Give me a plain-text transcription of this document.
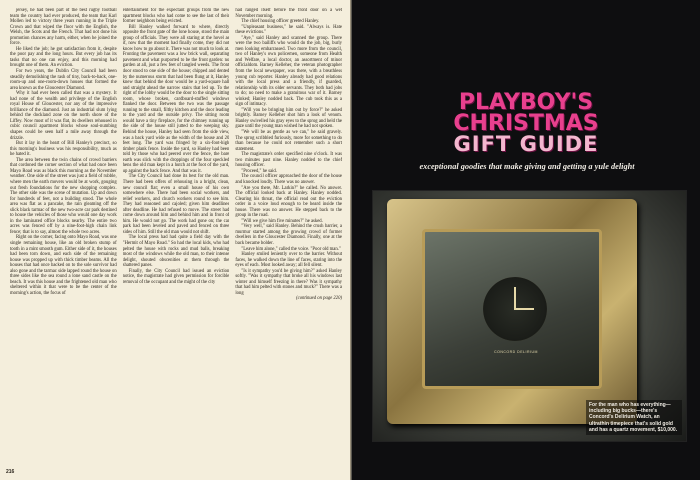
jersey, he had been part of the best rugby football team the country had ever produced, the team that Karl Mollen led to victory three years running in the Triple Crown and that wiped the floor with the English, the Welsh, the Scots and the French. That had not done his promotion chances any harm, either, when he joined the force.

He liked the job; he got satisfaction from it, despite the poor pay and the long hours. But every job has its tasks that no one can enjoy, and this morning had brought one of them. An eviction.

For two years, the Dublin City Council had been steadily demolishing the rash of tiny, back-to-back, one-room-up and one-room-down houses that formed the area known as the Gloucester Diamond.

Why it had ever been called that was a mystery. It had none of the wealth and privilege of the English royal House of Gloucester, nor any of the impressive brilliance of the diamond. Just an industrial slum lying behind the dockland zone on the north shore of the Liffey. Now most of it was flat, its dwellers rehoused in cubic council apartment blocks whose soul-numbing shapes could be seen half a mile away through the drizzle.

But it lay in the heart of Bill Hanley's precinct, so this morning's business was his responsibility, much as he hated it.

The area between the twin chains of crowd barriers that cordoned the corner section of what had once been Mayo Road was as black this morning as the November weather. One side of the street was just a field of rubble, where men the earth movers would be at work, gouging out fresh foundations for the new shopping complex. The other side was the scene of mutation. Up and down for hundreds of feet, not a building stood. The whole area was flat as a pancake, the rain gleaming off the slick black tarmac of the new two-acre car park destined to house the vehicles of those who would one day work in the laminated office blocks nearby. The entire two acres was fenced off by a nine-foot-high chain link fence; that is to say, almost the whole two acres.

Right on the corner, facing onto Mayo Road, was one single remaining house, like an old broken stump of tooth in a mint smooth gum. Either side of it, the houses had been torn down, and each side of the remaining house was propped up with thick timber beams. All the houses that had once backed on to the sole survivor had also gone and the tarmac side lapped round the house on three sides like the sea round a lone sand castle on the beach. It was this house and the frightened old man who sheltered within it that were to be the center of the morning's action, the focus of

entertainment for the expectant groups from the new apartment blocks who had come to see the last of their former neighbors being evicted.

Bill Hanley walked forward to where, directly opposite the front gate of the lone house, stood the main group of officials. They were all staring at the hovel as if, now that the moment had finally come, they did not know how to go about it. There was not much to look at. Fronting the pavement was a low brick wall, separating pavement and what purported to be the front garden: no garden at all, just a few feet of tangled weeds. The front door stood to one side of the house; chipped and dented by the numerous storm that had been flung at it, Hanley knew that behind the door would be a yard-square hall and straight ahead the narrow stairs that led up. To the right of the lobby would be the door to the single sitting room, whose broken, cardboard-stuffed windows flanked the door. Between the two was the passage running to the small, filthy kitchen and the door leading to the yard and the outside privy. The sitting room would have a tiny fireplace, for the chimney running up the side of the house still jutted to the weeping sky. Behind the house, Hanley had seen from the side view, was a back yard wide as the width of the house and 20 feet long. The yard was fringed by a six-foot-high timber plank fence. Inside the yard, so Hanley had been told by those who had peered over the fence, the bare earth was slick with the droppings of the four speckled hens the old man kept in a hutch at the foot of the yard, up against the back fence. And that was it.

The City Council had done its best for the old man. There had been offers of rehousing in a bright, clean, new council flat; even a small house of his own somewhere else. There had been social workers, and relief workers, and church workers round to see him. They had reasoned and cajoled; given him deadlines after deadline. He had refused to move. The street had come down around him and behind him and in front of him. He would not go. The work had gone on; the car park had been leveled and paved and fenced on three sides of him. Still the old man would not shift.

The local press had had quite a field day with the "Hermit of Mayo Road." So had the local kids, who had pelted the house with rocks and mud balls, breaking most of the windows while the old man, to their intense delight, shouted obscenities at them through the shattered panes.

Finally, the City Council had issued an eviction notice, the magistrate had given permission for forcible removal of the occupant and the might of the city

had ranged itself before the front door on a wet November morning.

The chief housing officer greeted Hanley.

"Unpleasant business," he said. "Always is. Hate these evictions."

"Aye," said Hanley and scanned the group. There were the two bailiffs who would do the job, big, burly men looking embarrassed. Two more from the council, two of Hanley's own policemen, someone from Health and Welfare, a local doctor, an assortment of minor officialdom. Barney Kelleher, the veteran photographer from the local newspaper, was there, with a breathless young cub reporter. Hanley already had good relations with the local press and a friendly, if guarded, relationship with its older servants. They both had jobs to do; no need to make a gratuitous war of it. Barney winked; Hanley nodded back. The cub took this as a sign of intimacy.

"Will you be bringing him out by force?" he asked brightly. Barney Kelleher shot him a look of venom. Hanley swivelled his gray eyes to the sprog and held the gaze until the young man wished he had not spoken.

"We will be as gentle as we can," he said gravely. The sprog scribbled furiously, more for something to do than because he could not remember such a short statement.

The magistrate's order specified nine o'clock. It was two minutes past nine. Hanley nodded to the chief housing officer.

"Proceed," he said.

The council officer approached the door of the house and knocked loudly. There was no answer.

"Are you there, Mr. Larkin?" he called. No answer. The official looked back at Hanley. Hanley nodded. Clearing his throat, the official read out the eviction order in a voice loud enough to be heard inside the house. There was no answer. He stepped back to the group in the road.

"Will we give him five minutes?" he asked.

"Very well," said Hanley. Behind the crush barrier, a murmur started among the growing crowd of former dwellers in the Gloucester Diamond. Finally, one at the back became bolder.

"Leave him alone," called the voice. "Poor old man."

Hanley smiled leniently over to the barrier. Without faces, he walked down the line of faces, staring into the eyes of each. Most looked away; all fell silent.

"Is it sympathy you'd be giving him?" asked Hanley softly. "Was it sympathy that broke all his windows last winter and himself freezing in there? Was it sympathy that had him pelted with stones and muck?" There was a long

(continued on page 220)

216
PLAYBOY'S
CHRISTMAS
GIFT GUIDE
exceptional goodies that make giving and getting a yule delight
CONCORD DELIRIUM
For the man who has everything—including big bucks—there's Concord's Delirium Watch, an ultrathin timepiece that's solid gold and has a quartz movement, $10,000.
